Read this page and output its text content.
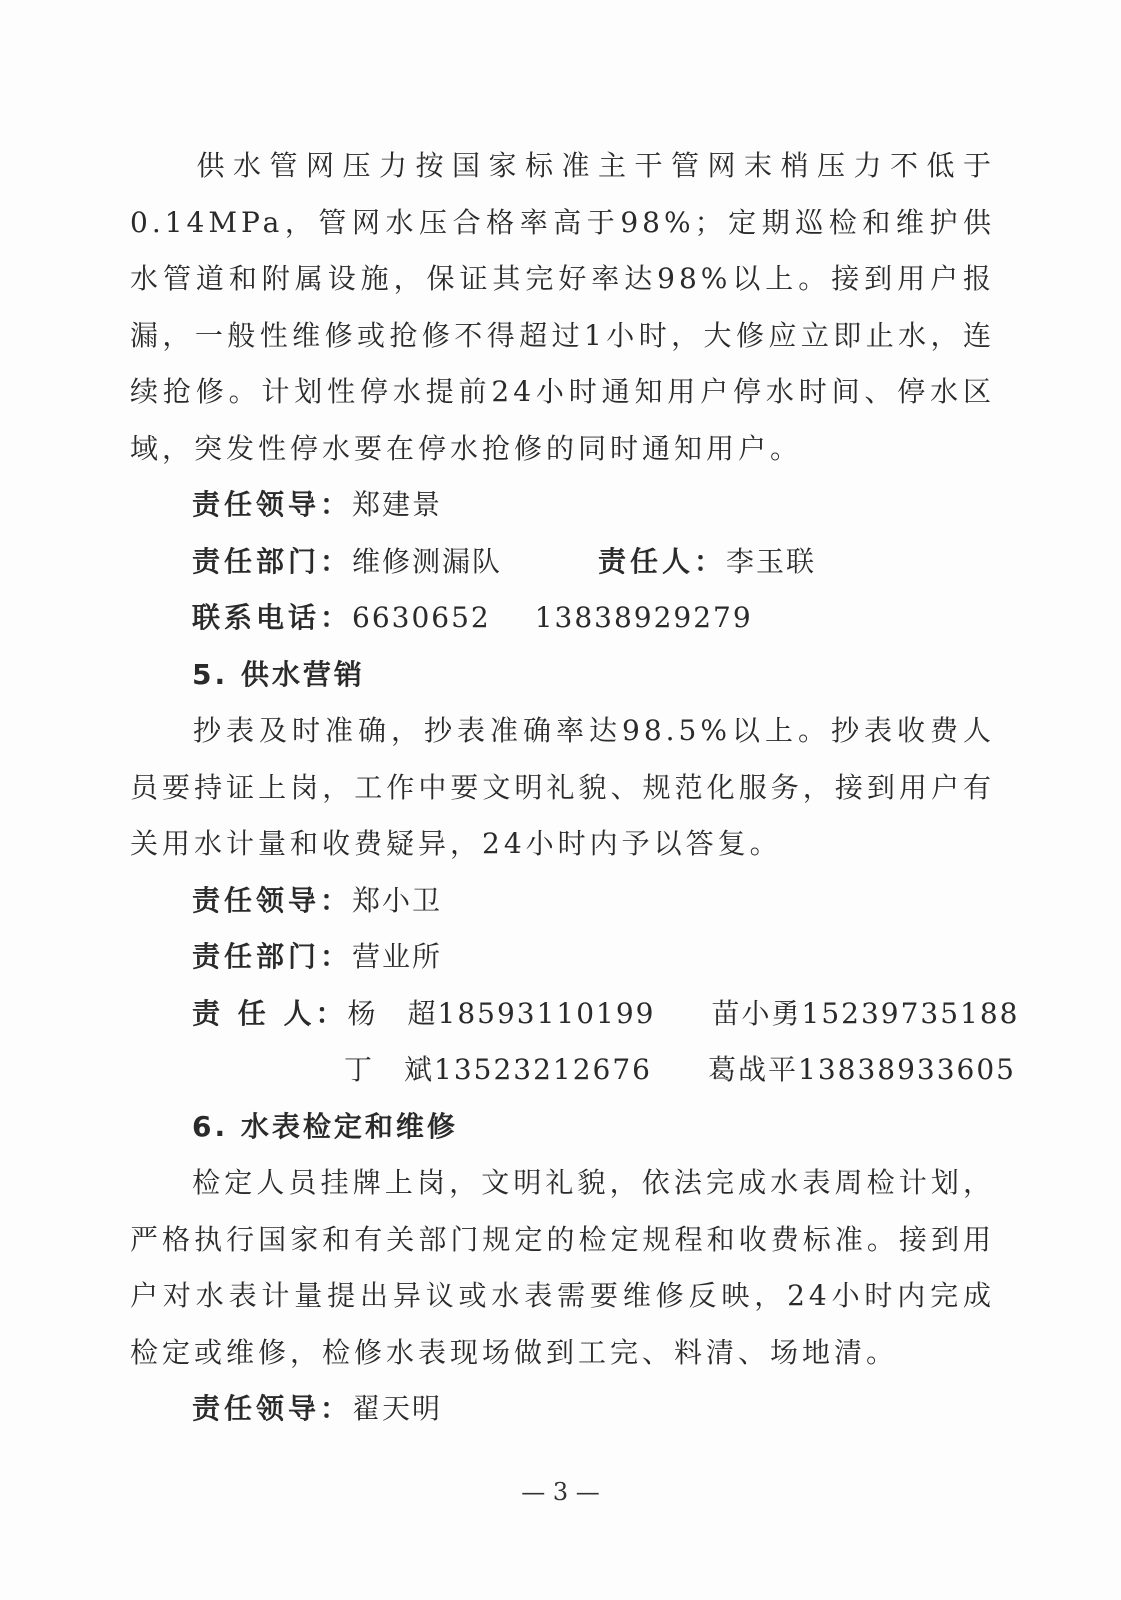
供水管网压力按国家标准主干管网末梢压力不低于0.14MPa，管网水压合格率高于98%；定期巡检和维护供水管道和附属设施，保证其完好率达98%以上。接到用户报漏，一般性维修或抢修不得超过1小时，大修应立即止水，连续抢修。计划性停水提前24小时通知用户停水时间、停水区域，突发性停水要在停水抢修的同时通知用户。

责任领导：郑建景
责任部门：维修测漏队	责任人：李玉联
联系电话：6630652 13838929279
5. 供水营销

抄表及时准确，抄表准确率达98.5%以上。抄表收费人员要持证上岗，工作中要文明礼貌、规范化服务，接到用户有关用水计量和收费疑异，24小时内予以答复。

责任领导：郑小卫
责任部门：营业所
责 任 人：杨　超18593110199 苗小勇15239735188
丁　斌13523212676 葛战平13838933605
6. 水表检定和维修

检定人员挂牌上岗，文明礼貌，依法完成水表周检计划，严格执行国家和有关部门规定的检定规程和收费标准。接到用户对水表计量提出异议或水表需要维修反映，24小时内完成检定或维修，检修水表现场做到工完、料清、场地清。

责任领导：翟天明
— 3 —
